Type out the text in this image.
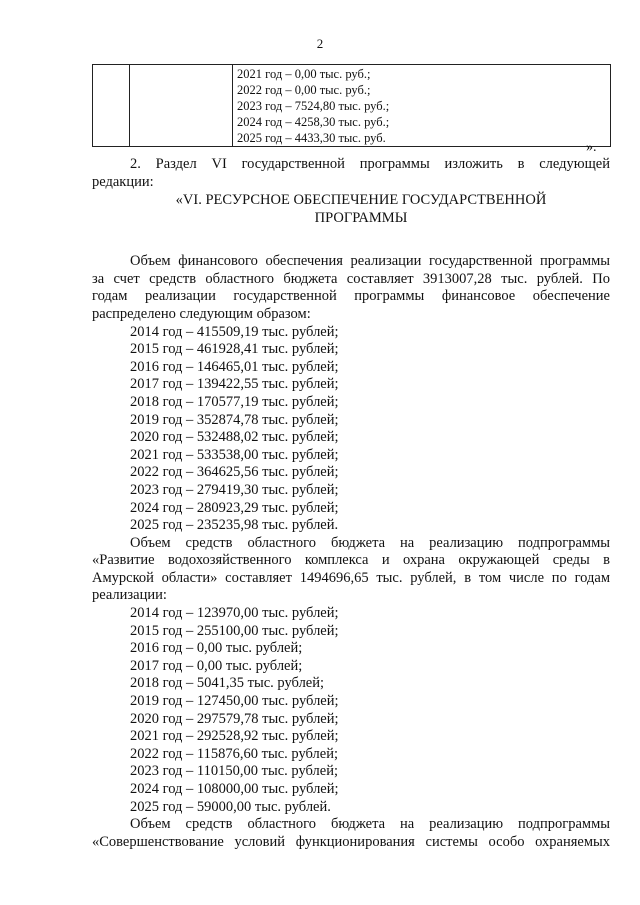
2

2021 год – 0,00 тыс. руб.;
2022 год – 0,00 тыс. руб.;
2023 год – 7524,80 тыс. руб.;
2024 год – 4258,30 тыс. руб.;
2025 год – 4433,30 тыс. руб.
».

2. Раздел VI государственной программы изложить в следующей

редакции:

«VI. РЕСУРСНОЕ ОБЕСПЕЧЕНИЕ ГОСУДАРСТВЕННОЙ
ПРОГРАММЫ

Объем финансового обеспечения реализации государственной программы

за счет средств областного бюджета составляет 3913007,28 тыс. рублей. По

годам реализации государственной программы финансовое обеспечение

распределено следующим образом:

2014 год – 415509,19 тыс. рублей;

2015 год – 461928,41 тыс. рублей;

2016 год – 146465,01 тыс. рублей;

2017 год – 139422,55 тыс. рублей;

2018 год – 170577,19 тыс. рублей;

2019 год – 352874,78 тыс. рублей;

2020 год – 532488,02 тыс. рублей;

2021 год – 533538,00 тыс. рублей;

2022 год – 364625,56 тыс. рублей;

2023 год – 279419,30 тыс. рублей;

2024 год – 280923,29 тыс. рублей;

2025 год – 235235,98 тыс. рублей.

Объем средств областного бюджета на реализацию подпрограммы

«Развитие водохозяйственного комплекса и охрана окружающей среды в

Амурской области» составляет 1494696,65 тыс. рублей, в том числе по годам

реализации:

2014 год – 123970,00 тыс. рублей;

2015 год – 255100,00 тыс. рублей;

2016 год – 0,00 тыс. рублей;

2017 год – 0,00 тыс. рублей;

2018 год – 5041,35 тыс. рублей;

2019 год – 127450,00 тыс. рублей;

2020 год – 297579,78 тыс. рублей;

2021 год – 292528,92 тыс. рублей;

2022 год – 115876,60 тыс. рублей;

2023 год – 110150,00 тыс. рублей;

2024 год – 108000,00 тыс. рублей;

2025 год – 59000,00 тыс. рублей.

Объем средств областного бюджета на реализацию подпрограммы

«Совершенствование условий функционирования системы особо охраняемых
